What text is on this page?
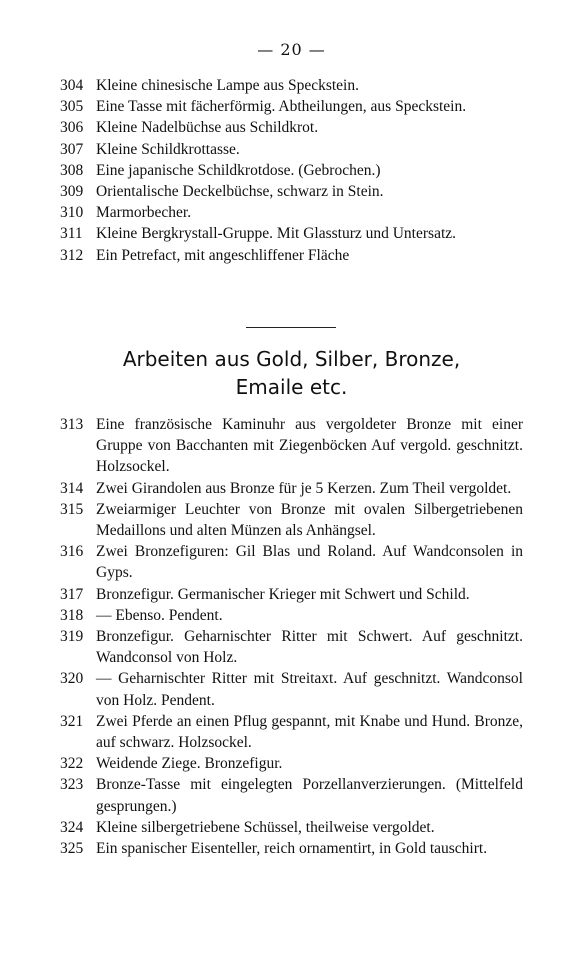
— 20 —
304 Kleine chinesische Lampe aus Speckstein.
305 Eine Tasse mit fächerförmig. Abtheilungen, aus Speckstein.
306 Kleine Nadelbüchse aus Schildkrot.
307 Kleine Schildkrottasse.
308 Eine japanische Schildkrotdose. (Gebrochen.)
309 Orientalische Deckelbüchse, schwarz in Stein.
310 Marmorbecher.
311 Kleine Bergkrystall-Gruppe. Mit Glassturz und Untersatz.
312 Ein Petrefact, mit angeschliffener Fläche
Arbeiten aus Gold, Silber, Bronze,
Emaile etc.
313 Eine französische Kaminuhr aus vergoldeter Bronze mit einer Gruppe von Bacchanten mit Ziegenböcken Auf vergold. geschnitzt. Holzsockel.
314 Zwei Girandolen aus Bronze für je 5 Kerzen. Zum Theil vergoldet.
315 Zweiarmiger Leuchter von Bronze mit ovalen Silbergetriebenen Medaillons und alten Münzen als Anhängsel.
316 Zwei Bronzefiguren: Gil Blas und Roland. Auf Wandconsolen in Gyps.
317 Bronzefigur. Germanischer Krieger mit Schwert und Schild.
318 — Ebenso. Pendent.
319 Bronzefigur. Geharnischter Ritter mit Schwert. Auf geschnitzt. Wandconsol von Holz.
320 — Geharnischter Ritter mit Streitaxt. Auf geschnitzt. Wandconsol von Holz. Pendent.
321 Zwei Pferde an einen Pflug gespannt, mit Knabe und Hund. Bronze, auf schwarz. Holzsockel.
322 Weidende Ziege. Bronzefigur.
323 Bronze-Tasse mit eingelegten Porzellanverzierungen. (Mittelfeld gesprungen.)
324 Kleine silbergetriebene Schüssel, theilweise vergoldet.
325 Ein spanischer Eisenteller, reich ornamentirt, in Gold tauschirt.
